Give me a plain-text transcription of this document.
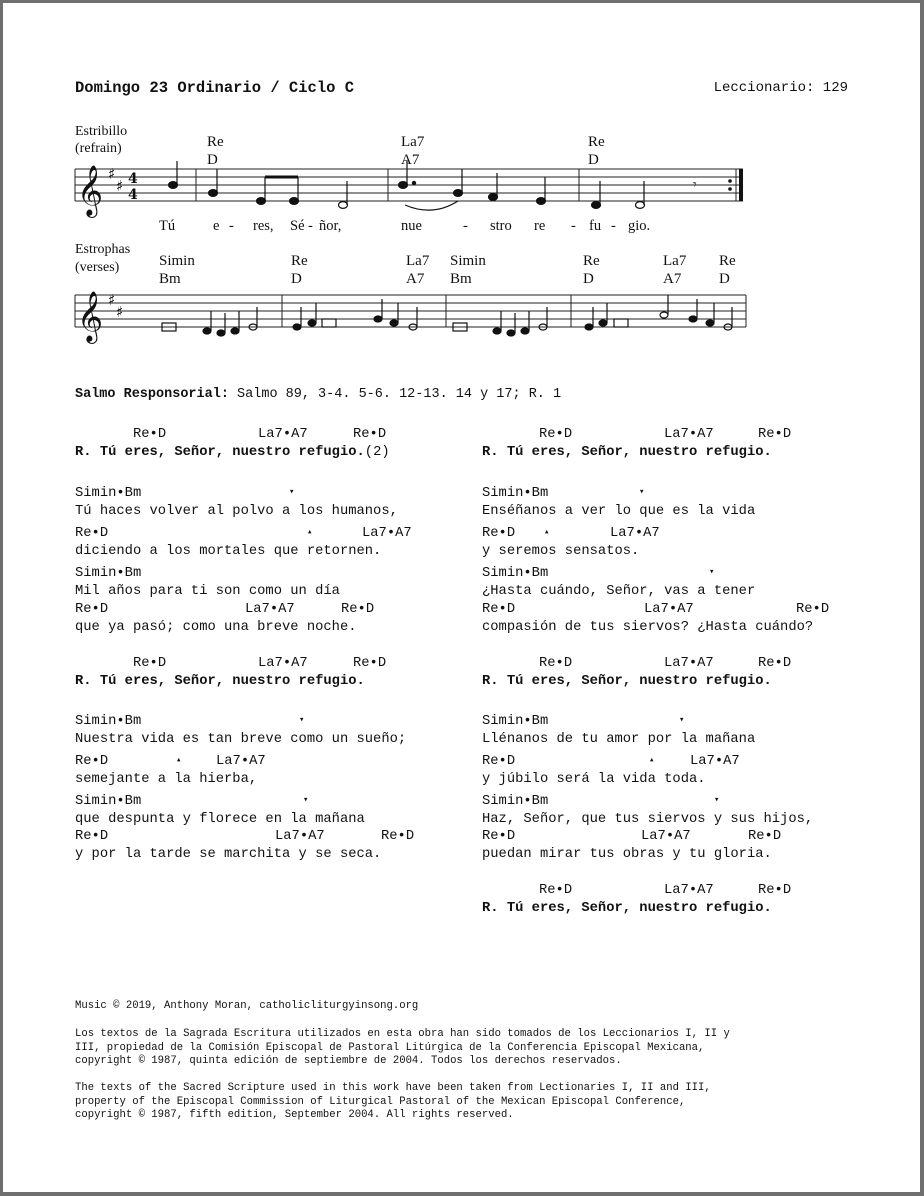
Domingo 23 Ordinario / Ciclo C	Leccionario: 129
Estribillo
(refrain)	Re
D
La7
A7
Re
D
𝄞 ♯
♯ 4
4
𝄾
Tú	e - res, Sé - ñor,	nue	- stro re - fu - gio.
Estrophas
(verses)	Simin
Bm
Re
D
La7
A7
Simin
Bm
Re
D
La7
A7
Re
D
𝄞 ♯
♯
Salmo Responsorial: Salmo 89, 3-4. 5-6. 12-13. 14 y 17; R. 1
Re•D	La7•A7	Re•D
R. Tú eres, Señor, nuestro refugio.(2)
Simin•Bm	▾
Tú haces volver al polvo a los humanos,
Re•D	▴	La7•A7
diciendo a los mortales que retornen.
Simin•Bm
Mil años para ti son como un día
Re•D	La7•A7	Re•D
que ya pasó; como una breve noche.
Re•D	La7•A7	Re•D
R. Tú eres, Señor, nuestro refugio.
Simin•Bm	▾
Nuestra vida es tan breve como un sueño;
Re•D	▴	La7•A7
semejante a la hierba,
Simin•Bm	▾
que despunta y florece en la mañana
Re•D	La7•A7	Re•D
y por la tarde se marchita y se seca.
Re•D	La7•A7	Re•D
R. Tú eres, Señor, nuestro refugio.
Simin•Bm	▾
Enséñanos a ver lo que es la vida
Re•D	▴	La7•A7
y seremos sensatos.
Simin•Bm	▾
¿Hasta cuándo, Señor, vas a tener
Re•D	La7•A7	Re•D
compasión de tus siervos? ¿Hasta cuándo?
Re•D	La7•A7	Re•D
R. Tú eres, Señor, nuestro refugio.
Simin•Bm	▾
Llénanos de tu amor por la mañana
Re•D	▴	La7•A7
y júbilo será la vida toda.
Simin•Bm	▾
Haz, Señor, que tus siervos y sus hijos,
Re•D	La7•A7	Re•D
puedan mirar tus obras y tu gloria.
Re•D	La7•A7	Re•D
R. Tú eres, Señor, nuestro refugio.
Music © 2019, Anthony Moran, catholicliturgyinsong.org
Los textos de la Sagrada Escritura utilizados en esta obra han sido tomados de los Leccionarios I, II y
III, propiedad de la Comisión Episcopal de Pastoral Litúrgica de la Conferencia Episcopal Mexicana,
copyright © 1987, quinta edición de septiembre de 2004. Todos los derechos reservados.
The texts of the Sacred Scripture used in this work have been taken from Lectionaries I, II and III,
property of the Episcopal Commission of Liturgical Pastoral of the Mexican Episcopal Conference,
copyright © 1987, fifth edition, September 2004. All rights reserved.
